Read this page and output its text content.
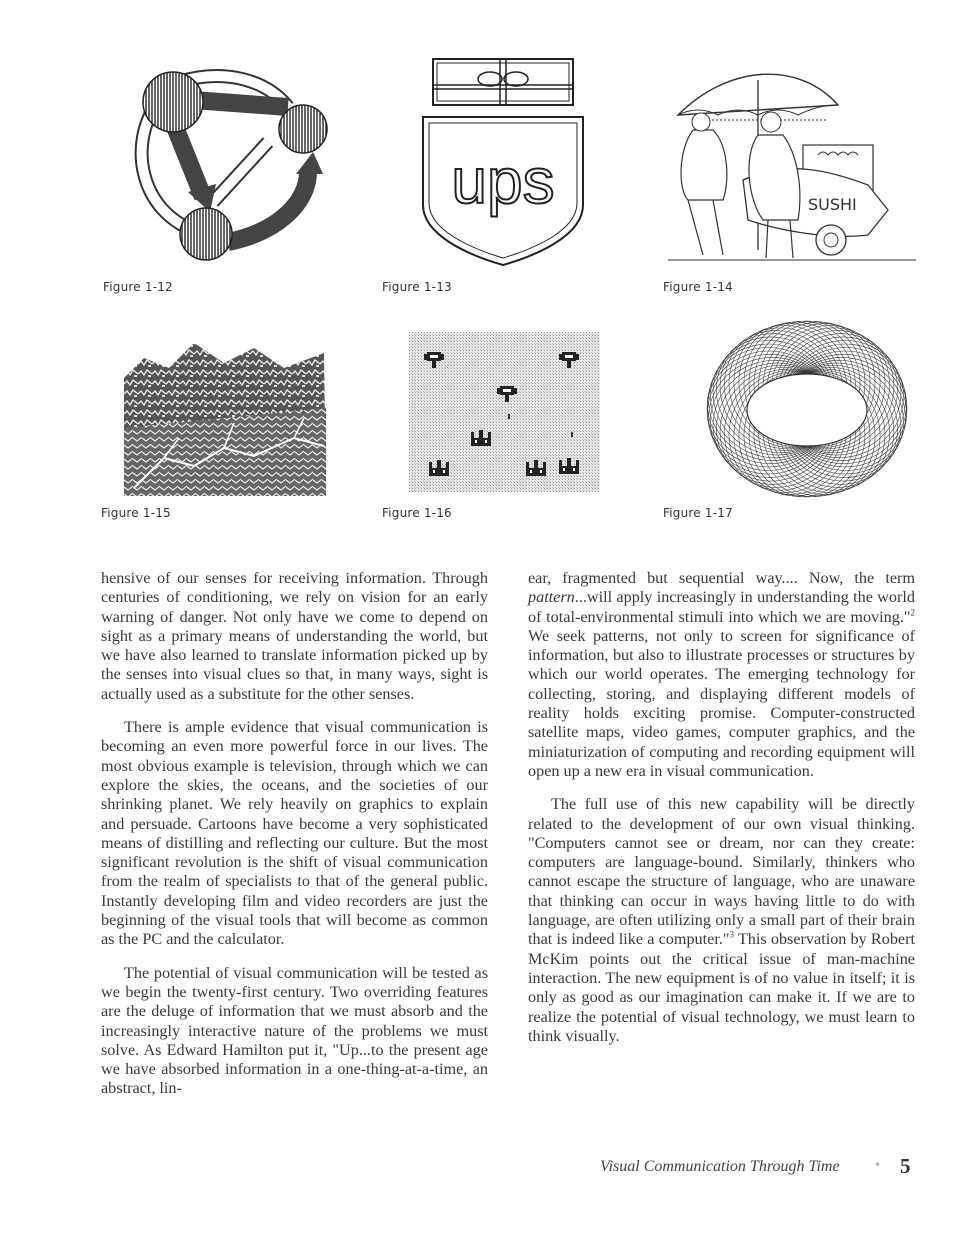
Figure 1-12
ups
Figure 1-13
SUSHI
Figure 1-14
Figure 1-15	Figure 1-16	Figure 1-17

hensive of our senses for receiving information. Through centuries of conditioning, we rely on vision for an early warning of danger. Not only have we come to depend on sight as a primary means of understanding the world, but we have also learned to translate information picked up by the senses into visual clues so that, in many ways, sight is actually used as a substitute for the other senses.

There is ample evidence that visual communication is becoming an even more powerful force in our lives. The most obvious example is television, through which we can explore the skies, the oceans, and the societies of our shrinking planet. We rely heavily on graphics to explain and persuade. Cartoons have become a very sophisticated means of distilling and reflecting our culture. But the most significant revolution is the shift of visual communication from the realm of specialists to that of the general public. Instantly developing film and video recorders are just the beginning of the visual tools that will become as common as the PC and the calculator.

The potential of visual communication will be tested as we begin the twenty-first century. Two overriding features are the deluge of information that we must absorb and the increasingly interactive nature of the problems we must solve. As Edward Hamilton put it, "Up...to the present age we have absorbed information in a one-thing-at-a-time, an abstract, lin-

ear, fragmented but sequential way.... Now, the term pattern...will apply increasingly in understanding the world of total-environmental stimuli into which we are moving."$^2$ We seek patterns, not only to screen for significance of information, but also to illustrate processes or structures by which our world operates. The emerging technology for collecting, storing, and displaying different models of reality holds exciting promise. Computer-constructed satellite maps, video games, computer graphics, and the miniaturization of computing and recording equipment will open up a new era in visual communication.

The full use of this new capability will be directly related to the development of our own visual thinking. "Computers cannot see or dream, nor can they create: computers are language-bound. Similarly, thinkers who cannot escape the structure of language, who are unaware that thinking can occur in ways having little to do with language, are often utilizing only a small part of their brain that is indeed like a computer."$^3$ This observation by Robert McKim points out the critical issue of man-machine interaction. The new equipment is of no value in itself; it is only as good as our imagination can make it. If we are to realize the potential of visual technology, we must learn to think visually.

Visual Communication Through Time	• 5
